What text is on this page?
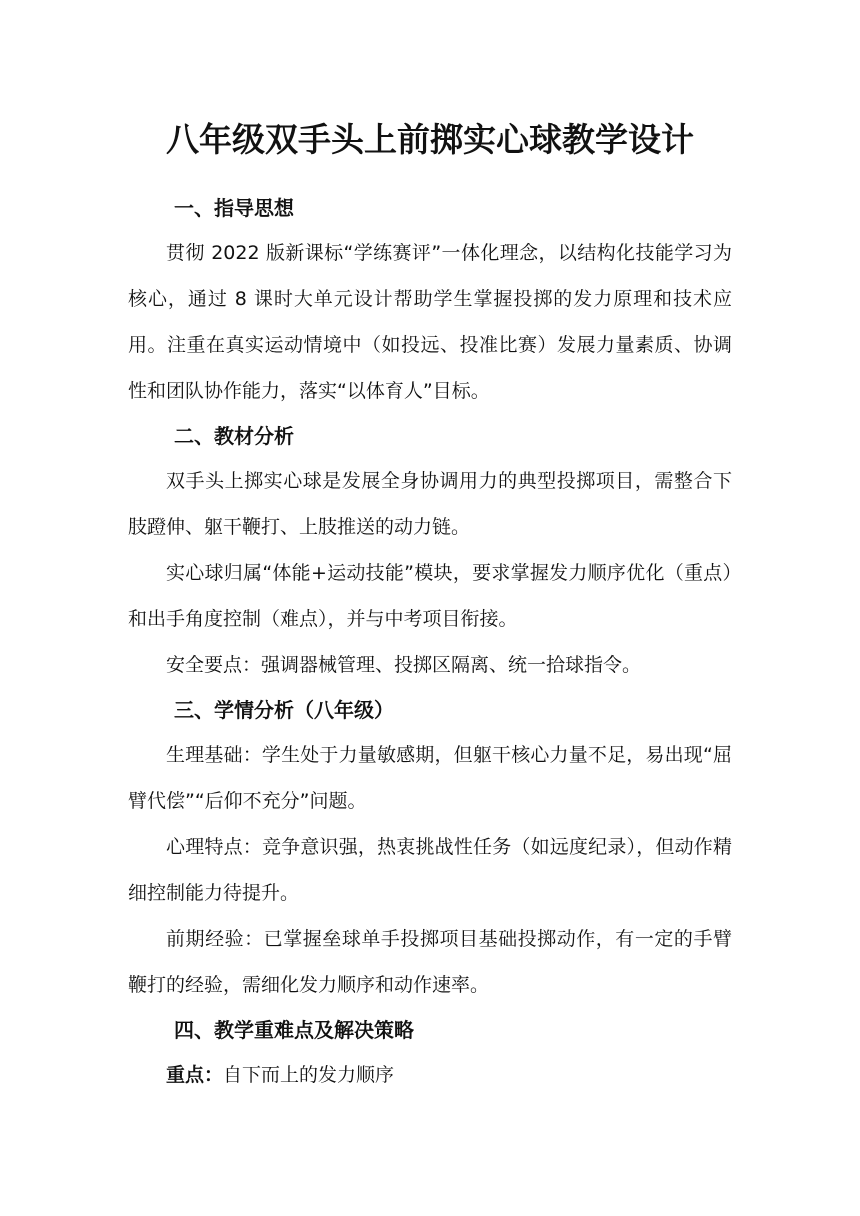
八年级双手头上前掷实心球教学设计
一、指导思想

贯彻 2022 版新课标“学练赛评”一体化理念，以结构化技能学习为核心，通过 8 课时大单元设计帮助学生掌握投掷的发力原理和技术应用。注重在真实运动情境中（如投远、投准比赛）发展力量素质、协调性和团队协作能力，落实“以体育人”目标。

二、教材分析

双手头上掷实心球是发展全身协调用力的典型投掷项目，需整合下肢蹬伸、躯干鞭打、上肢推送的动力链。

实心球归属“体能+运动技能”模块，要求掌握发力顺序优化（重点）和出手角度控制（难点），并与中考项目衔接。

安全要点：强调器械管理、投掷区隔离、统一拾球指令。

三、学情分析（八年级）

生理基础：学生处于力量敏感期，但躯干核心力量不足，易出现“屈臂代偿”“后仰不充分”问题。

心理特点：竞争意识强，热衷挑战性任务（如远度纪录），但动作精细控制能力待提升。

前期经验：已掌握垒球单手投掷项目基础投掷动作，有一定的手臂鞭打的经验，需细化发力顺序和动作速率。

四、教学重难点及解决策略

重点：自下而上的发力顺序
